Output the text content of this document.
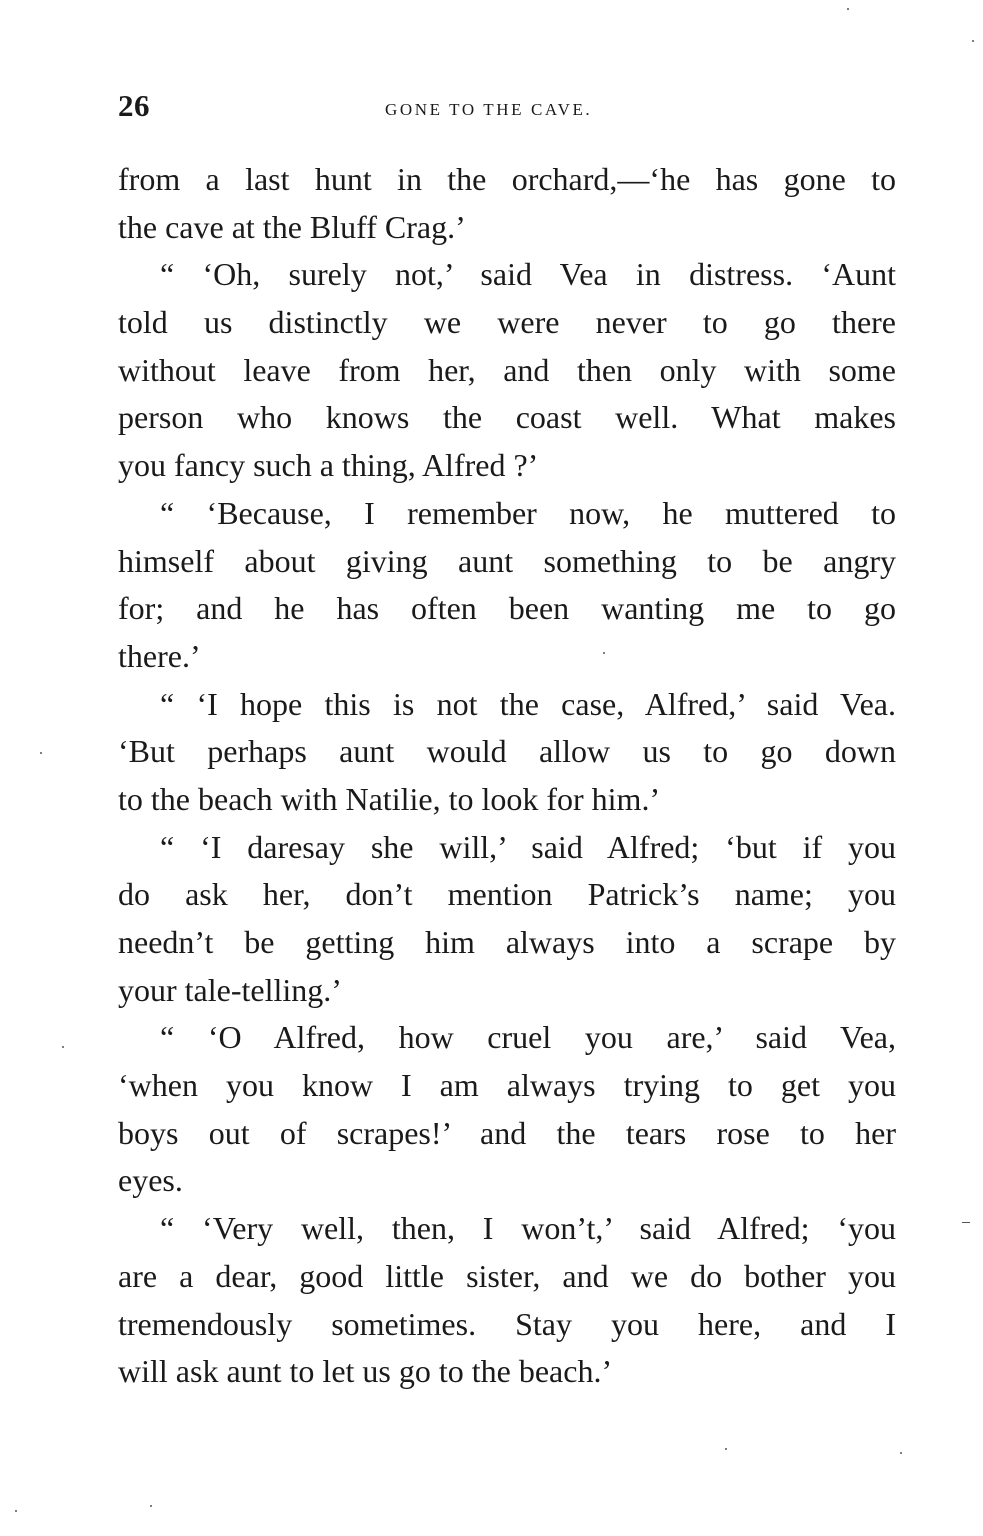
26	GONE TO THE CAVE.
from a last hunt in the orchard,—‘he has gone to
the cave at the Bluff Crag.’
“ ‘Oh, surely not,’ said Vea in distress. ‘Aunt
told us distinctly we were never to go there
without leave from her, and then only with some
person who knows the coast well. What makes
you fancy such a thing, Alfred ?’
“ ‘Because, I remember now, he muttered to
himself about giving aunt something to be angry
for; and he has often been wanting me to go
there.’
“ ‘I hope this is not the case, Alfred,’ said Vea.
‘But perhaps aunt would allow us to go down
to the beach with Natilie, to look for him.’
“ ‘I daresay she will,’ said Alfred; ‘but if you
do ask her, don’t mention Patrick’s name; you
needn’t be getting him always into a scrape by
your tale-telling.’
“ ‘O Alfred, how cruel you are,’ said Vea,
‘when you know I am always trying to get you
boys out of scrapes!’ and the tears rose to her
eyes.
“ ‘Very well, then, I won’t,’ said Alfred; ‘you
are a dear, good little sister, and we do bother you
tremendously sometimes. Stay you here, and I
will ask aunt to let us go to the beach.’
